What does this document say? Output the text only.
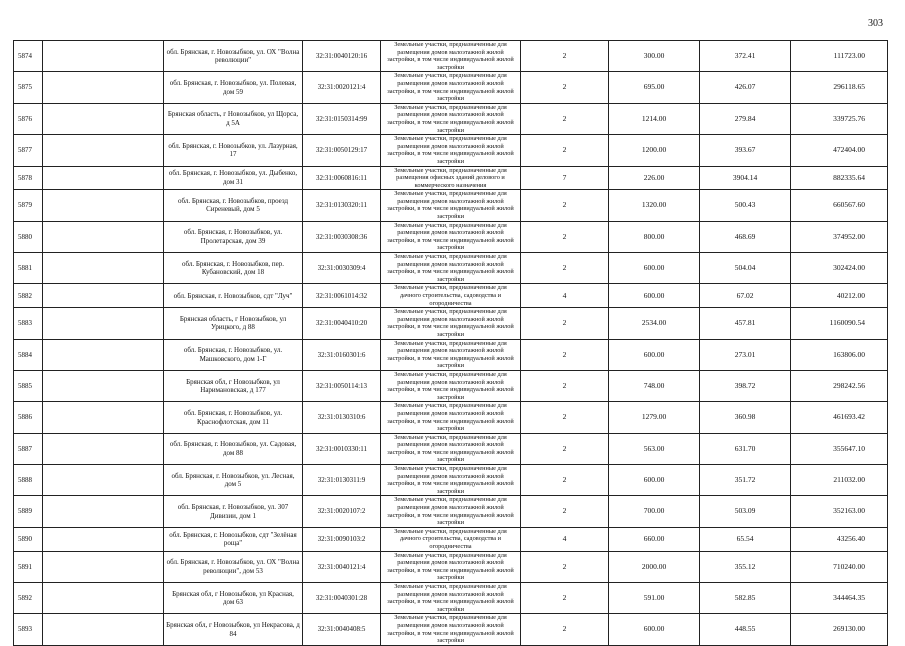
303
5874		обл. Брянская, г. Новозыбков, ул. ОХ "Волна революции"	32:31:0040120:16	Земельные участки, предназначенные для размещения домов малоэтажной жилой застройки, в том числе индивидуальной жилой застройки	2	300.00	372.41	111723.00
5875		обл. Брянская, г. Новозыбков, ул. Полевая, дом 59	32:31:0020121:4	Земельные участки, предназначенные для размещения домов малоэтажной жилой застройки, в том числе индивидуальной жилой застройки	2	695.00	426.07	296118.65
5876		Брянская область, г Новозыбков, ул Щорса, д 5А	32:31:0150314:99	Земельные участки, предназначенные для размещения домов малоэтажной жилой застройки, в том числе индивидуальной жилой застройки	2	1214.00	279.84	339725.76
5877		обл. Брянская, г. Новозыбков, ул. Лазурная, 17	32:31:0050129:17	Земельные участки, предназначенные для размещения домов малоэтажной жилой застройки, в том числе индивидуальной жилой застройки	2	1200.00	393.67	472404.00
5878		обл. Брянская, г. Новозыбков, ул. Дыбенко, дом 31	32:31:0060816:11	Земельные участки, предназначенные для размещения офисных зданий делового и коммерческого назначения	7	226.00	3904.14	882335.64
5879		обл. Брянская, г. Новозыбков, проезд Сиреневый, дом 5	32:31:0130320:11	Земельные участки, предназначенные для размещения домов малоэтажной жилой застройки, в том числе индивидуальной жилой застройки	2	1320.00	500.43	660567.60
5880		обл. Брянская, г. Новозыбков, ул. Пролетарская, дом 39	32:31:0030308:36	Земельные участки, предназначенные для размещения домов малоэтажной жилой застройки, в том числе индивидуальной жилой застройки	2	800.00	468.69	374952.00
5881		обл. Брянская, г. Новозыбков, пер. Кубановский, дом 18	32:31:0030309:4	Земельные участки, предназначенные для размещения домов малоэтажной жилой застройки, в том числе индивидуальной жилой застройки	2	600.00	504.04	302424.00
5882		обл. Брянская, г. Новозыбков, сдт "Луч"	32:31:0061014:32	Земельные участки, предназначенные для дачного строительства, садоводства и огородничества	4	600.00	67.02	40212.00
5883		Брянская область, г Новозыбков, ул Урицкого, д 88	32:31:0040410:20	Земельные участки, предназначенные для размещения домов малоэтажной жилой застройки, в том числе индивидуальной жилой застройки	2	2534.00	457.81	1160090.54
5884		обл. Брянская, г. Новозыбков, ул. Машковского, дом 1-Г	32:31:0160301:6	Земельные участки, предназначенные для размещения домов малоэтажной жилой застройки, в том числе индивидуальной жилой застройки	2	600.00	273.01	163806.00
5885		Брянская обл, г Новозыбков, ул Наримановская, д 177	32:31:0050114:13	Земельные участки, предназначенные для размещения домов малоэтажной жилой застройки, в том числе индивидуальной жилой застройки	2	748.00	398.72	298242.56
5886		обл. Брянская, г. Новозыбков, ул. Краснофлотская, дом 11	32:31:0130310:6	Земельные участки, предназначенные для размещения домов малоэтажной жилой застройки, в том числе индивидуальной жилой застройки	2	1279.00	360.98	461693.42
5887		обл. Брянская, г. Новозыбков, ул. Садовая, дом 88	32:31:0010330:11	Земельные участки, предназначенные для размещения домов малоэтажной жилой застройки, в том числе индивидуальной жилой застройки	2	563.00	631.70	355647.10
5888		обл. Брянская, г. Новозыбков, ул. Лесная, дом 5	32:31:0130311:9	Земельные участки, предназначенные для размещения домов малоэтажной жилой застройки, в том числе индивидуальной жилой застройки	2	600.00	351.72	211032.00
5889		обл. Брянская, г. Новозыбков, ул. 307 Дивизии, дом 1	32:31:0020107:2	Земельные участки, предназначенные для размещения домов малоэтажной жилой застройки, в том числе индивидуальной жилой застройки	2	700.00	503.09	352163.00
5890		обл. Брянская, г. Новозыбков, сдт "Зелёная роща"	32:31:0090103:2	Земельные участки, предназначенные для дачного строительства, садоводства и огородничества	4	660.00	65.54	43256.40
5891		обл. Брянская, г. Новозыбков, ул. ОХ "Волна революции", дом 53	32:31:0040121:4	Земельные участки, предназначенные для размещения домов малоэтажной жилой застройки, в том числе индивидуальной жилой застройки	2	2000.00	355.12	710240.00
5892		Брянская обл, г Новозыбков, ул Красная, дом 63	32:31:0040301:28	Земельные участки, предназначенные для размещения домов малоэтажной жилой застройки, в том числе индивидуальной жилой застройки	2	591.00	582.85	344464.35
5893		Брянская обл, г Новозыбков, ул Некрасова, д 84	32:31:0040408:5	Земельные участки, предназначенные для размещения домов малоэтажной жилой застройки, в том числе индивидуальной жилой застройки	2	600.00	448.55	269130.00
